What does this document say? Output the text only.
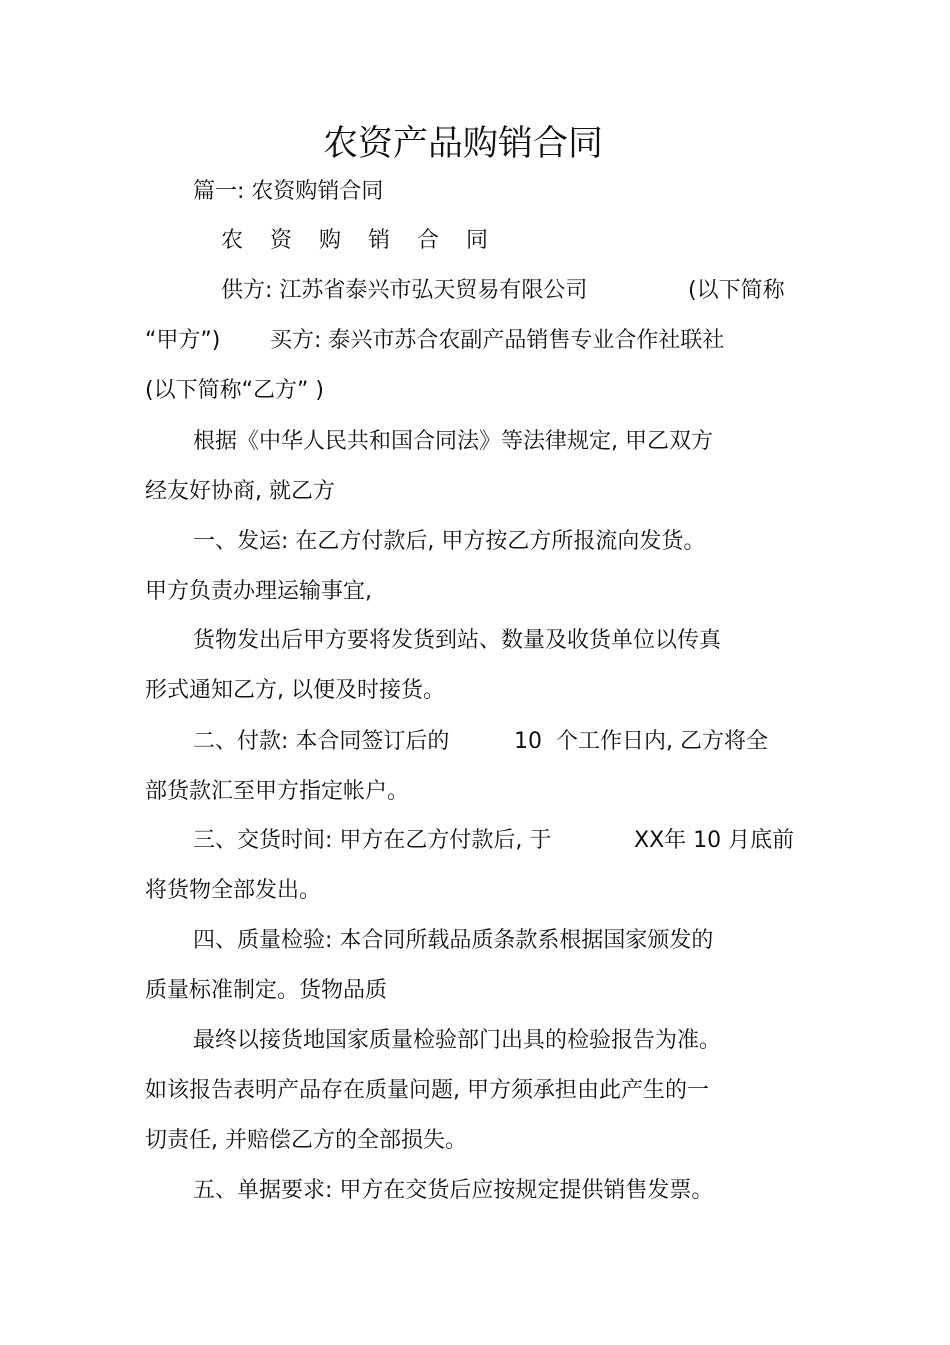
农资产品购销合同
篇一: 农资购销合同
农 资 购 销 合 同
供方: 江苏省泰兴市弘天贸易有限公司	(以下简称
“甲方”) 买方: 泰兴市苏合农副产品销售专业合作社联社
(以下简称“乙方” )
根据《中华人民共和国合同法》等法律规定, 甲乙双方
经友好协商, 就乙方
一、发运: 在乙方付款后, 甲方按乙方所报流向发货。
甲方负责办理运输事宜,
货物发出后甲方要将发货到站、数量及收货单位以传真
形式通知乙方, 以便及时接货。
二、付款: 本合同签订后的	10 个工作日内, 乙方将全
部货款汇至甲方指定帐户。
三、交货时间: 甲方在乙方付款后, 于	XX年 10 月底前
将货物全部发出。
四、质量检验: 本合同所载品质条款系根据国家颁发的
质量标准制定。货物品质
最终以接货地国家质量检验部门出具的检验报告为准。
如该报告表明产品存在质量问题, 甲方须承担由此产生的一
切责任, 并赔偿乙方的全部损失。
五、单据要求: 甲方在交货后应按规定提供销售发票。
